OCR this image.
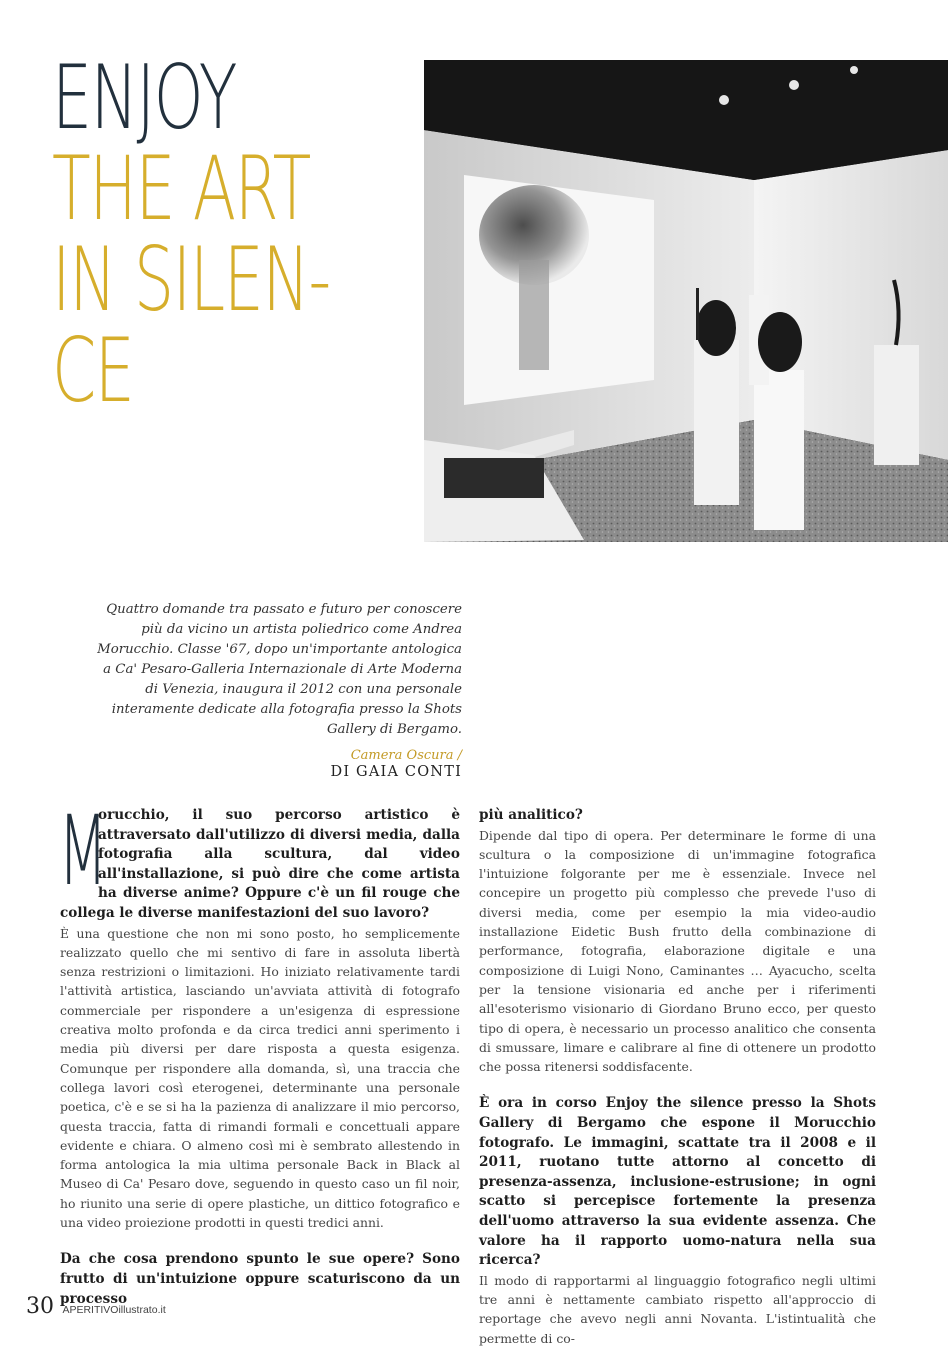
ENJOY
THE ART
IN SILEN-
CE

Quattro domande tra passato e futuro per conoscere più da vicino un artista poliedrico come Andrea Morucchio. Classe '67, dopo un'importante antologica a Ca' Pesaro-Galleria Internazionale di Arte Moderna di Venezia, inaugura il 2012 con una personale interamente dedicate alla fotografia presso la Shots Gallery di Bergamo.

Camera Oscura /
DI GAIA CONTI

M
orucchio, il suo percorso artistico è attraversato dall'utilizzo di diversi media, dalla fotografia alla scultura, dal video all'installazione, si può dire che come artista ha diverse anime? Oppure c'è un fil rouge che collega le diverse manifestazioni del suo lavoro?

È una questione che non mi sono posto, ho semplicemente realizzato quello che mi sentivo di fare in assoluta libertà senza restrizioni o limitazioni. Ho iniziato relativamente tardi l'attività artistica, lasciando un'avviata attività di fotografo commerciale per rispondere a un'esigenza di espressione creativa molto profonda e da circa tredici anni sperimento i media più diversi per dare risposta a questa esigenza. Comunque per rispondere alla domanda, sì, una traccia che collega lavori così eterogenei, determinante una personale poetica, c'è e se si ha la pazienza di analizzare il mio percorso, questa traccia, fatta di rimandi formali e concettuali appare evidente e chiara. O almeno così mi è sembrato allestendo in forma antologica la mia ultima personale Back in Black al Museo di Ca' Pesaro dove, seguendo in questo caso un fil noir, ho riunito una serie di opere plastiche, un dittico fotografico e una video proiezione prodotti in questi tredici anni.

Da che cosa prendono spunto le sue opere? Sono frutto di un'intuizione oppure scaturiscono da un processo

più analitico?

Dipende dal tipo di opera. Per determinare le forme di una scultura o la composizione di un'immagine fotografica l'intuizione folgorante per me è essenziale. Invece nel concepire un progetto più complesso che prevede l'uso di diversi media, come per esempio la mia video-audio installazione Eidetic Bush frutto della combinazione di performance, fotografia, elaborazione digitale e una composizione di Luigi Nono, Caminantes … Ayacucho, scelta per la tensione visionaria ed anche per i riferimenti all'esoterismo visionario di Giordano Bruno ecco, per questo tipo di opera, è necessario un processo analitico che consenta di smussare, limare e calibrare al fine di ottenere un prodotto che possa ritenersi soddisfacente.

È ora in corso Enjoy the silence presso la Shots Gallery di Bergamo che espone il Morucchio fotografo. Le immagini, scattate tra il 2008 e il 2011, ruotano tutte attorno al concetto di presenza-assenza, inclusione-estrusione; in ogni scatto si percepisce fortemente la presenza dell'uomo attraverso la sua evidente assenza. Che valore ha il rapporto uomo-natura nella sua ricerca?

Il modo di rapportarmi al linguaggio fotografico negli ultimi tre anni è nettamente cambiato rispetto all'approccio di reportage che avevo negli anni Novanta. L'istintualità che permette di co-

30 APERITIVOillustrato.it
